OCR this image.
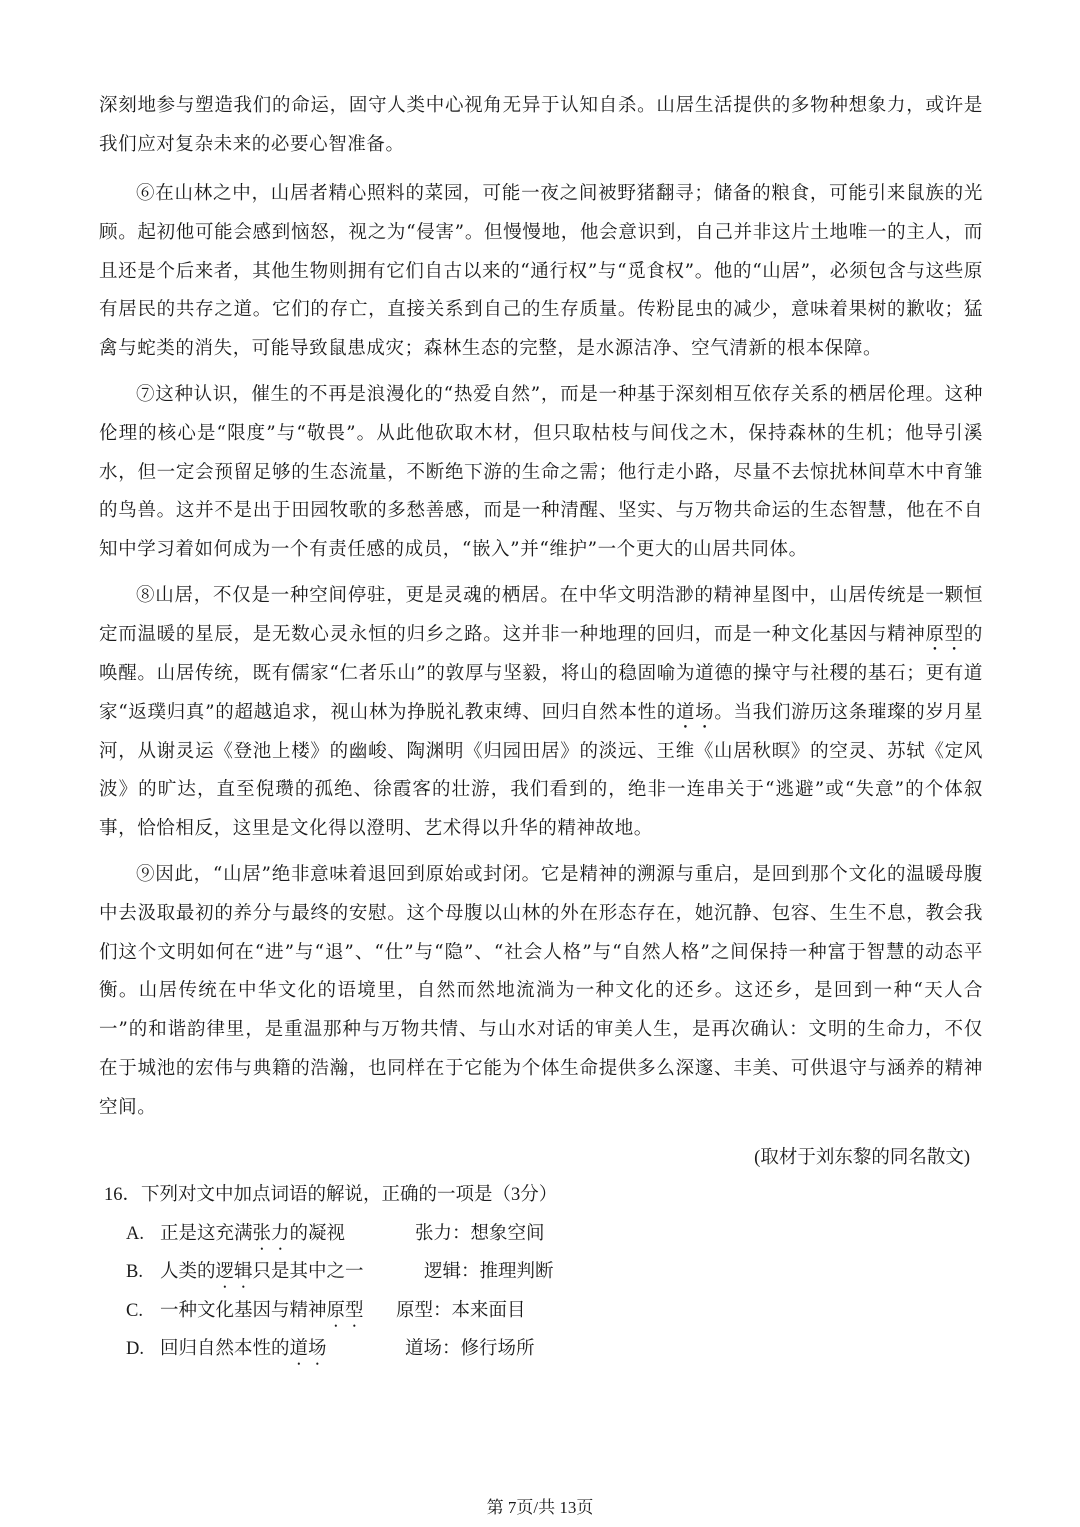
深刻地参与塑造我们的命运，固守人类中心视角无异于认知自杀。山居生活提供的多物种想象力，或许是我们应对复杂未来的必要心智准备。

⑥在山林之中，山居者精心照料的菜园，可能一夜之间被野猪翻寻；储备的粮食，可能引来鼠族的光顾。起初他可能会感到恼怒，视之为“侵害”。但慢慢地，他会意识到，自己并非这片土地唯一的主人，而且还是个后来者，其他生物则拥有它们自古以来的“通行权”与“觅食权”。他的“山居”，必须包含与这些原有居民的共存之道。它们的存亡，直接关系到自己的生存质量。传粉昆虫的减少，意味着果树的歉收；猛禽与蛇类的消失，可能导致鼠患成灾；森林生态的完整，是水源洁净、空气清新的根本保障。

⑦这种认识，催生的不再是浪漫化的“热爱自然”，而是一种基于深刻相互依存关系的栖居伦理。这种伦理的核心是“限度”与“敬畏”。从此他砍取木材，但只取枯枝与间伐之木，保持森林的生机；他导引溪水，但一定会预留足够的生态流量，不断绝下游的生命之需；他行走小路，尽量不去惊扰林间草木中育雏的鸟兽。这并不是出于田园牧歌的多愁善感，而是一种清醒、坚实、与万物共命运的生态智慧，他在不自知中学习着如何成为一个有责任感的成员，“嵌入”并“维护”一个更大的山居共同体。

⑧山居，不仅是一种空间停驻，更是灵魂的栖居。在中华文明浩渺的精神星图中，山居传统是一颗恒定而温暖的星辰，是无数心灵永恒的归乡之路。这并非一种地理的回归，而是一种文化基因与精神原型的唤醒。山居传统，既有儒家“仁者乐山”的敦厚与坚毅，将山的稳固喻为道德的操守与社稷的基石；更有道家“返璞归真”的超越追求，视山林为挣脱礼教束缚、回归自然本性的道场。当我们游历这条璀璨的岁月星河，从谢灵运《登池上楼》的幽峻、陶渊明《归园田居》的淡远、王维《山居秋暝》的空灵、苏轼《定风波》的旷达，直至倪瓒的孤绝、徐霞客的壮游，我们看到的，绝非一连串关于“逃避”或“失意”的个体叙事，恰恰相反，这里是文化得以澄明、艺术得以升华的精神故地。

⑨因此，“山居”绝非意味着退回到原始或封闭。它是精神的溯源与重启，是回到那个文化的温暖母腹中去汲取最初的养分与最终的安慰。这个母腹以山林的外在形态存在，她沉静、包容、生生不息，教会我们这个文明如何在“进”与“退”、“仕”与“隐”、“社会人格”与“自然人格”之间保持一种富于智慧的动态平衡。山居传统在中华文化的语境里，自然而然地流淌为一种文化的还乡。这还乡，是回到一种“天人合一”的和谐韵律里，是重温那种与万物共情、与山水对话的审美人生，是再次确认：文明的生命力，不仅在于城池的宏伟与典籍的浩瀚，也同样在于它能为个体生命提供多么深邃、丰美、可供退守与涵养的精神空间。

(取材于刘东黎的同名散文)
16．下列对文中加点词语的解说，正确的一项是（3分）
A. 正是这充满张力的凝视	张力：想象空间
B. 人类的逻辑只是其中之一	逻辑：推理判断
C. 一种文化基因与精神原型 原型：本来面目
D. 回归自然本性的道场	道场：修行场所
第 7页/共 13页
